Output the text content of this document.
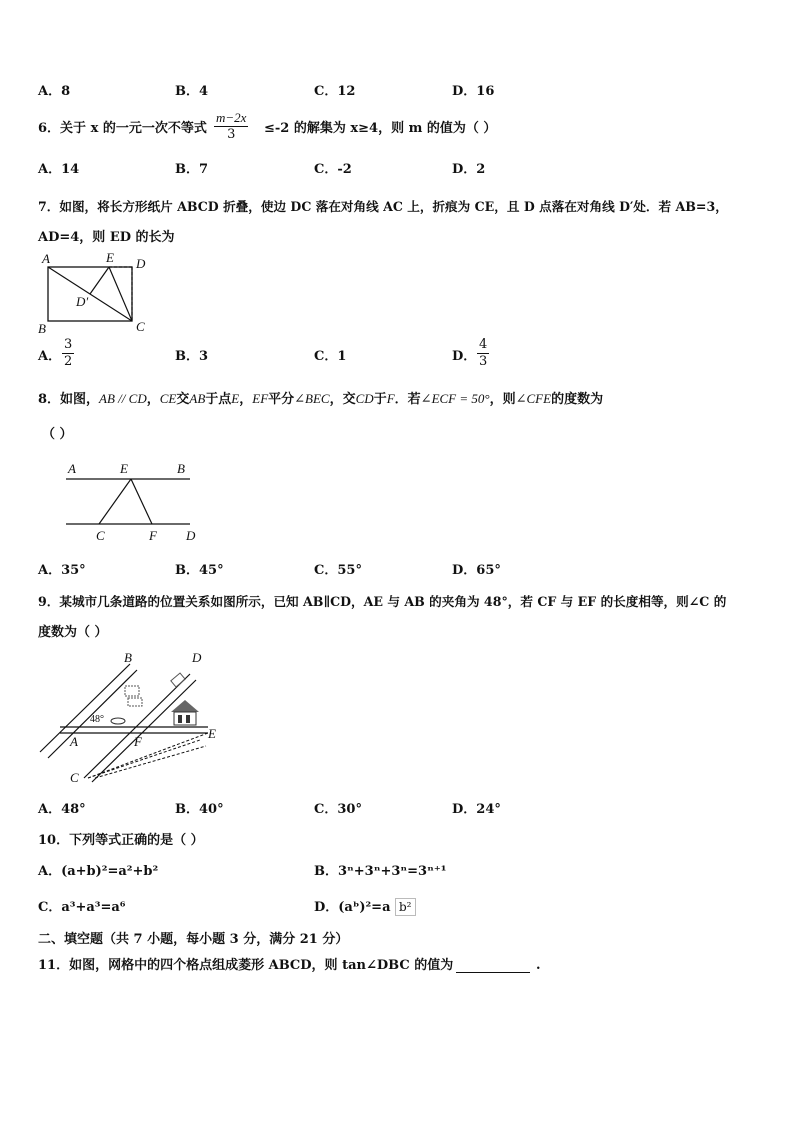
A．8	B．4	C．12	D．16
6．关于 x 的一元一次不等式 $\frac{m-2x}{3} \le-2$ 的解集为 x≥4，则 m 的值为（ ）
A．14	B．7	C．-2	D．2
7．如图，将长方形纸片 ABCD 折叠，使边 DC 落在对角线 AC 上，折痕为 CE，且 D 点落在对角线 D′处．若 AB=3，
AD=4，则 ED 的长为
A	E D
D′
B	C
A． $\frac{3}{2}$	B．3	C．1	D． $\frac{4}{3}$
8．如图，AB // CD，CE交AB于点E，EF平分∠BEC，交CD于F．若∠ECF = 50°，则∠CFE的度数为
（ ）
A	E	B
C	F D
A．35°	B．45°	C．55°	D．65°
9．某城市几条道路的位置关系如图所示，已知 AB∥CD，AE 与 AB 的夹角为 48°，若 CF 与 EF 的长度相等，则∠C 的
度数为（ ）
B	D
48°
A	F
E
C
A．48°	B．40°	C．30°	D．24°
10．下列等式正确的是（ ）
A．(a+b)²=a²+b²	B．3ⁿ+3ⁿ+3ⁿ=3ⁿ⁺¹
C．a³+a³=a⁶	D．(aᵇ)²=a b²
二、填空题（共 7 小题，每小题 3 分，满分 21 分）
11．如图，网格中的四个格点组成菱形 ABCD，则 tan∠DBC 的值为	.
